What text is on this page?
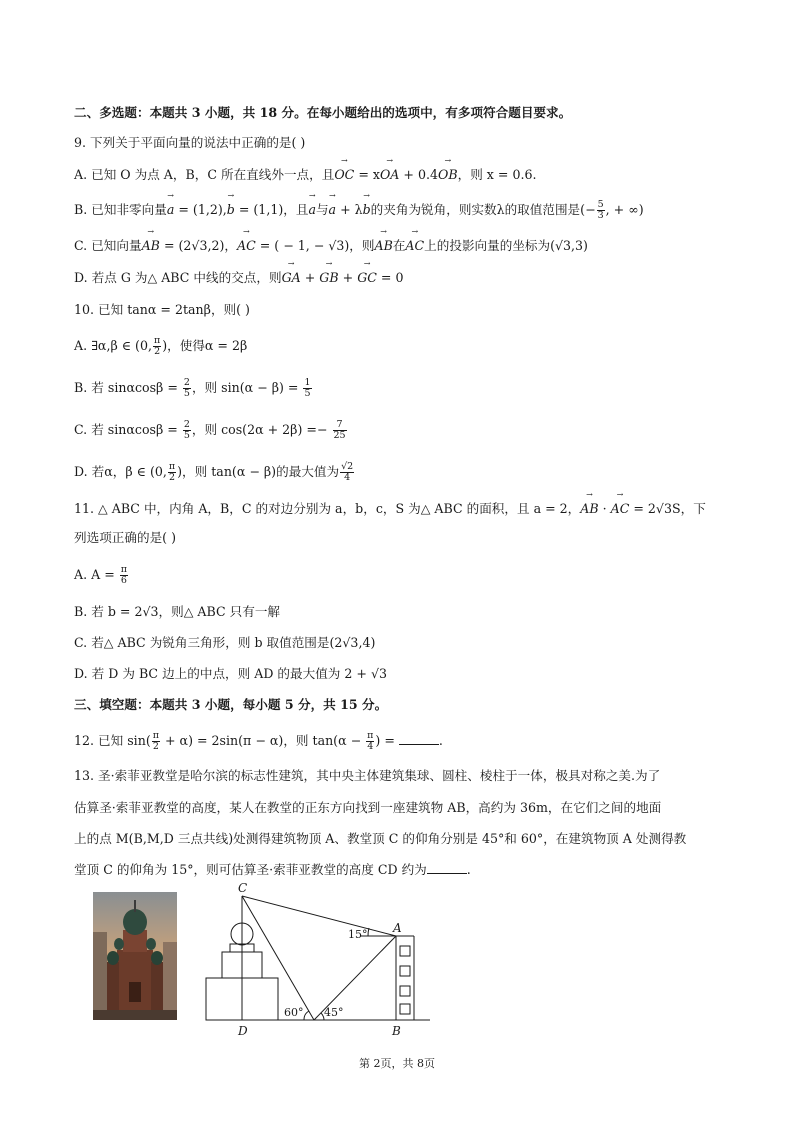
二、多选题：本题共 3 小题，共 18 分。在每小题给出的选项中，有多项符合题目要求。
9. 下列关于平面向量的说法中正确的是( )
A. 已知 O 为点 A，B，C 所在直线外一点，且→ OC = x→ OA + 0.4→ OB，则 x = 0.6.
B. 已知非零向量→ a = (1,2),→ b = (1,1)，且→ a与→ a + λ→ b的夹角为锐角，则实数λ的取值范围是(− $\frac{5}{3}$ , + ∞)
C. 已知向量→ AB = (2√3,2)，→ AC = ( − 1, − √3)，则→ AB在→ AC上的投影向量的坐标为(√3,3)
D. 若点 G 为△ ABC 中线的交点，则→ GA + → GB + → GC = 0
10. 已知 tanα = 2tanβ，则( )
A. ∃α,β ∈ (0, $\frac{\pi}{2}$ )，使得α = 2β
B. 若 $\sin\alpha\cos\beta = \frac{2}{5}$ ，则 $\sin(\alpha - \beta) = \frac{1}{5}$
C. 若 $\sin\alpha\cos\beta = \frac{2}{5}$ ，则 $\cos(2\alpha + 2\beta) =- \frac{7}{25}$
D. 若α，β ∈ (0, $\frac{\pi}{2}$ )，则 tan(α − β)的最大值为 $\frac{√2}{4}$
11. △ ABC 中，内角 A，B，C 的对边分别为 a，b，c，S 为△ ABC 的面积，且 a = 2，→ AB · → AC = 2√3S，下
列选项正确的是( )
A. $A = \frac{\pi}{6}$
B. 若 b = 2√3，则△ ABC 只有一解
C. 若△ ABC 为锐角三角形，则 b 取值范围是(2√3,4)
D. 若 D 为 BC 边上的中点，则 AD 的最大值为 2 + √3
三、填空题：本题共 3 小题，每小题 5 分，共 15 分。
12. 已知 $\sin( \frac{\pi}{2} + \alpha) = 2\sin(\pi - \alpha)$，则 $\tan(\alpha - \frac{\pi}{4}$ ) =	.
13. 圣·索菲亚教堂是哈尔滨的标志性建筑，其中央主体建筑集球、圆柱、棱柱于一体，极具对称之美.为了
估算圣·索菲亚教堂的高度，某人在教堂的正东方向找到一座建筑物 AB，高约为 36m，在它们之间的地面
上的点 M(B,M,D 三点共线)处测得建筑物顶 A、教堂顶 C 的仰角分别是 45°和 60°，在建筑物顶 A 处测得教
堂顶 C 的仰角为 15°，则可估算圣·索菲亚教堂的高度 CD 约为	.
C
A
D	B
15°
60° 45°
第 2页，共 8页
